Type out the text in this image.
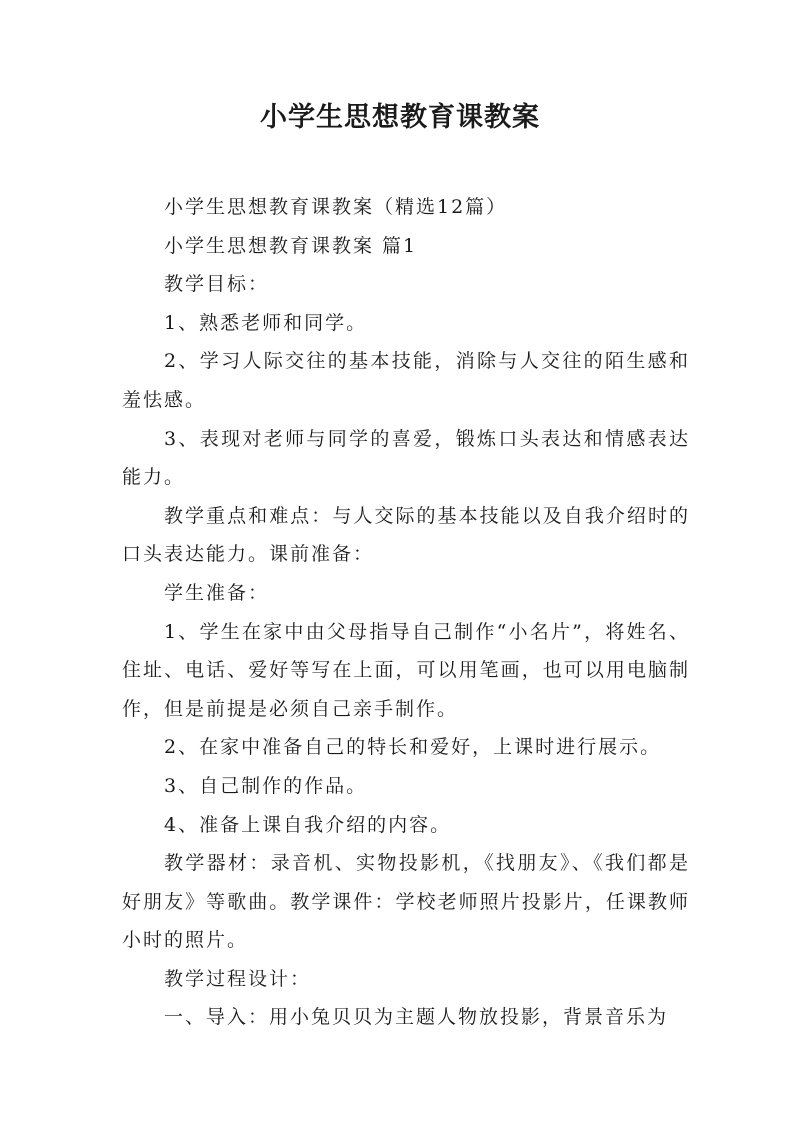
小学生思想教育课教案

小学生思想教育课教案（精选12篇）

小学生思想教育课教案 篇1

教学目标：

1、熟悉老师和同学。

2、学习人际交往的基本技能，消除与人交往的陌生感和羞怯感。

3、表现对老师与同学的喜爱，锻炼口头表达和情感表达能力。

教学重点和难点：与人交际的基本技能以及自我介绍时的口头表达能力。课前准备：

学生准备：

1、学生在家中由父母指导自己制作“小名片”，将姓名、住址、电话、爱好等写在上面，可以用笔画，也可以用电脑制作，但是前提是必须自己亲手制作。

2、在家中准备自己的特长和爱好，上课时进行展示。

3、自己制作的作品。

4、准备上课自我介绍的内容。

教学器材：录音机、实物投影机，《找朋友》、《我们都是好朋友》等歌曲。教学课件：学校老师照片投影片，任课教师小时的照片。

教学过程设计：

一、导入：用小兔贝贝为主题人物放投影，背景音乐为
